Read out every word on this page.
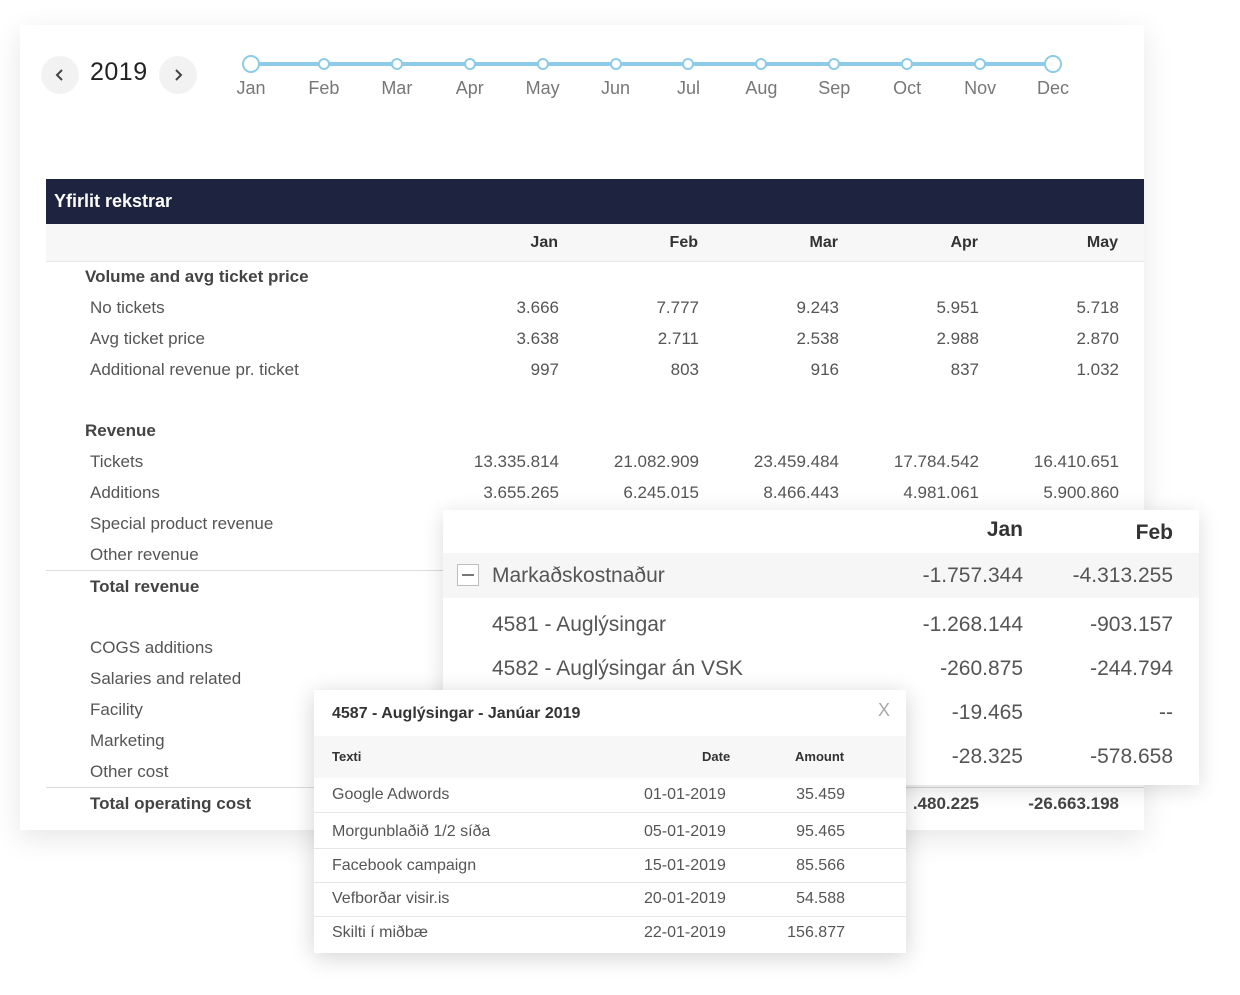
2019
Jan Feb Mar Apr May Jun	Jul	Aug Sep Oct Nov Dec
Yfirlit rekstrar
Jan	Feb	Mar	Apr	May
Volume and avg ticket price
No tickets	3.666	7.777	9.243	5.951	5.718
Avg ticket price	3.638	2.711	2.538	2.988	2.870
Additional revenue pr. ticket	997	803	916	837	1.032
Revenue
Tickets	13.335.814	21.082.909	23.459.484	17.784.542	16.410.651
Additions	3.655.265	6.245.015	8.466.443	4.981.061	5.900.860
Special product revenue
Other revenue
Total revenue
COGS additions
Salaries and related
Facility
Marketing
Other cost
Total operating cost	.480.225	-26.663.198
Jan	Feb
Markaðskostnaður	-1.757.344	-4.313.255
4581 - Auglýsingar	-1.268.144	-903.157
4582 - Auglýsingar án VSK	-260.875	-244.794
-19.465	--
-28.325	-578.658
4587 - Auglýsingar - Janúar 2019	X
Texti	Date	Amount
Google Adwords	01-01-2019	35.459
Morgunblaðið 1/2 síða	05-01-2019	95.465
Facebook campaign	15-01-2019	85.566
Vefborðar visir.is	20-01-2019	54.588
Skilti í miðbæ	22-01-2019	156.877
